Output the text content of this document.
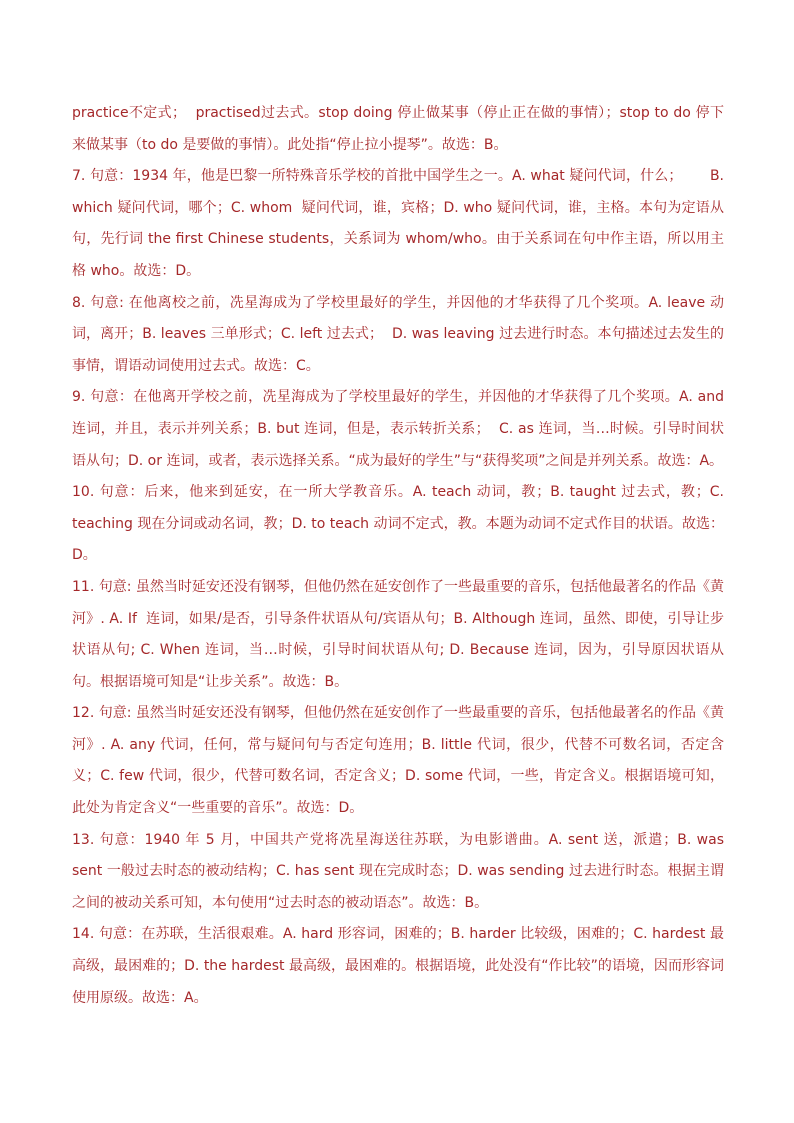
practice不定式；  practised过去式。stop doing 停止做某事（停止正在做的事情）；stop to do 停下来做某事（to do 是要做的事情）。此处指“停止拉小提琴”。故选：B。

7. 句意：1934 年，他是巴黎一所特殊音乐学校的首批中国学生之一。A. what 疑问代词，什么；      B. which 疑问代词，哪个；C. whom  疑问代词，谁，宾格；D. who 疑问代词，谁，主格。本句为定语从句，先行词 the first Chinese students，关系词为 whom/who。由于关系词在句中作主语，所以用主格 who。故选：D。

8. 句意: 在他离校之前，冼星海成为了学校里最好的学生，并因他的才华获得了几个奖项。A. leave 动词，离开；B. leaves 三单形式；C. left 过去式；  D. was leaving 过去进行时态。本句描述过去发生的事情，谓语动词使用过去式。故选：C。

9. 句意：在他离开学校之前，冼星海成为了学校里最好的学生，并因他的才华获得了几个奖项。A. and 连词，并且，表示并列关系；B. but 连词，但是，表示转折关系；  C. as 连词，当…时候。引导时间状语从句；D. or 连词，或者，表示选择关系。“成为最好的学生”与“获得奖项”之间是并列关系。故选：A。

10. 句意：后来，他来到延安，在一所大学教音乐。A. teach 动词，教；B. taught 过去式，教；C. teaching 现在分词或动名词，教；D. to teach 动词不定式，教。本题为动词不定式作目的状语。故选：D。

11. 句意: 虽然当时延安还没有钢琴，但他仍然在延安创作了一些最重要的音乐，包括他最著名的作品《黄河》. A. If  连词，如果/是否，引导条件状语从句/宾语从句；B. Although 连词，虽然、即使，引导让步状语从句; C. When 连词，当…时候，引导时间状语从句; D. Because 连词，因为，引导原因状语从句。根据语境可知是“让步关系”。故选：B。

12. 句意: 虽然当时延安还没有钢琴，但他仍然在延安创作了一些最重要的音乐，包括他最著名的作品《黄河》. A. any 代词，任何，常与疑问句与否定句连用；B. little 代词，很少，代替不可数名词，否定含义；C. few 代词，很少，代替可数名词，否定含义；D. some 代词，一些，肯定含义。根据语境可知，此处为肯定含义“一些重要的音乐”。故选：D。

13. 句意：1940 年 5 月，中国共产党将冼星海送往苏联，为电影谱曲。A. sent 送，派遣；B. was sent 一般过去时态的被动结构；C. has sent 现在完成时态；D. was sending 过去进行时态。根据主谓之间的被动关系可知，本句使用“过去时态的被动语态”。故选：B。

14. 句意：在苏联，生活很艰难。A. hard 形容词，困难的；B. harder 比较级，困难的；C. hardest 最高级，最困难的；D. the hardest 最高级，最困难的。根据语境，此处没有“作比较”的语境，因而形容词使用原级。故选：A。
